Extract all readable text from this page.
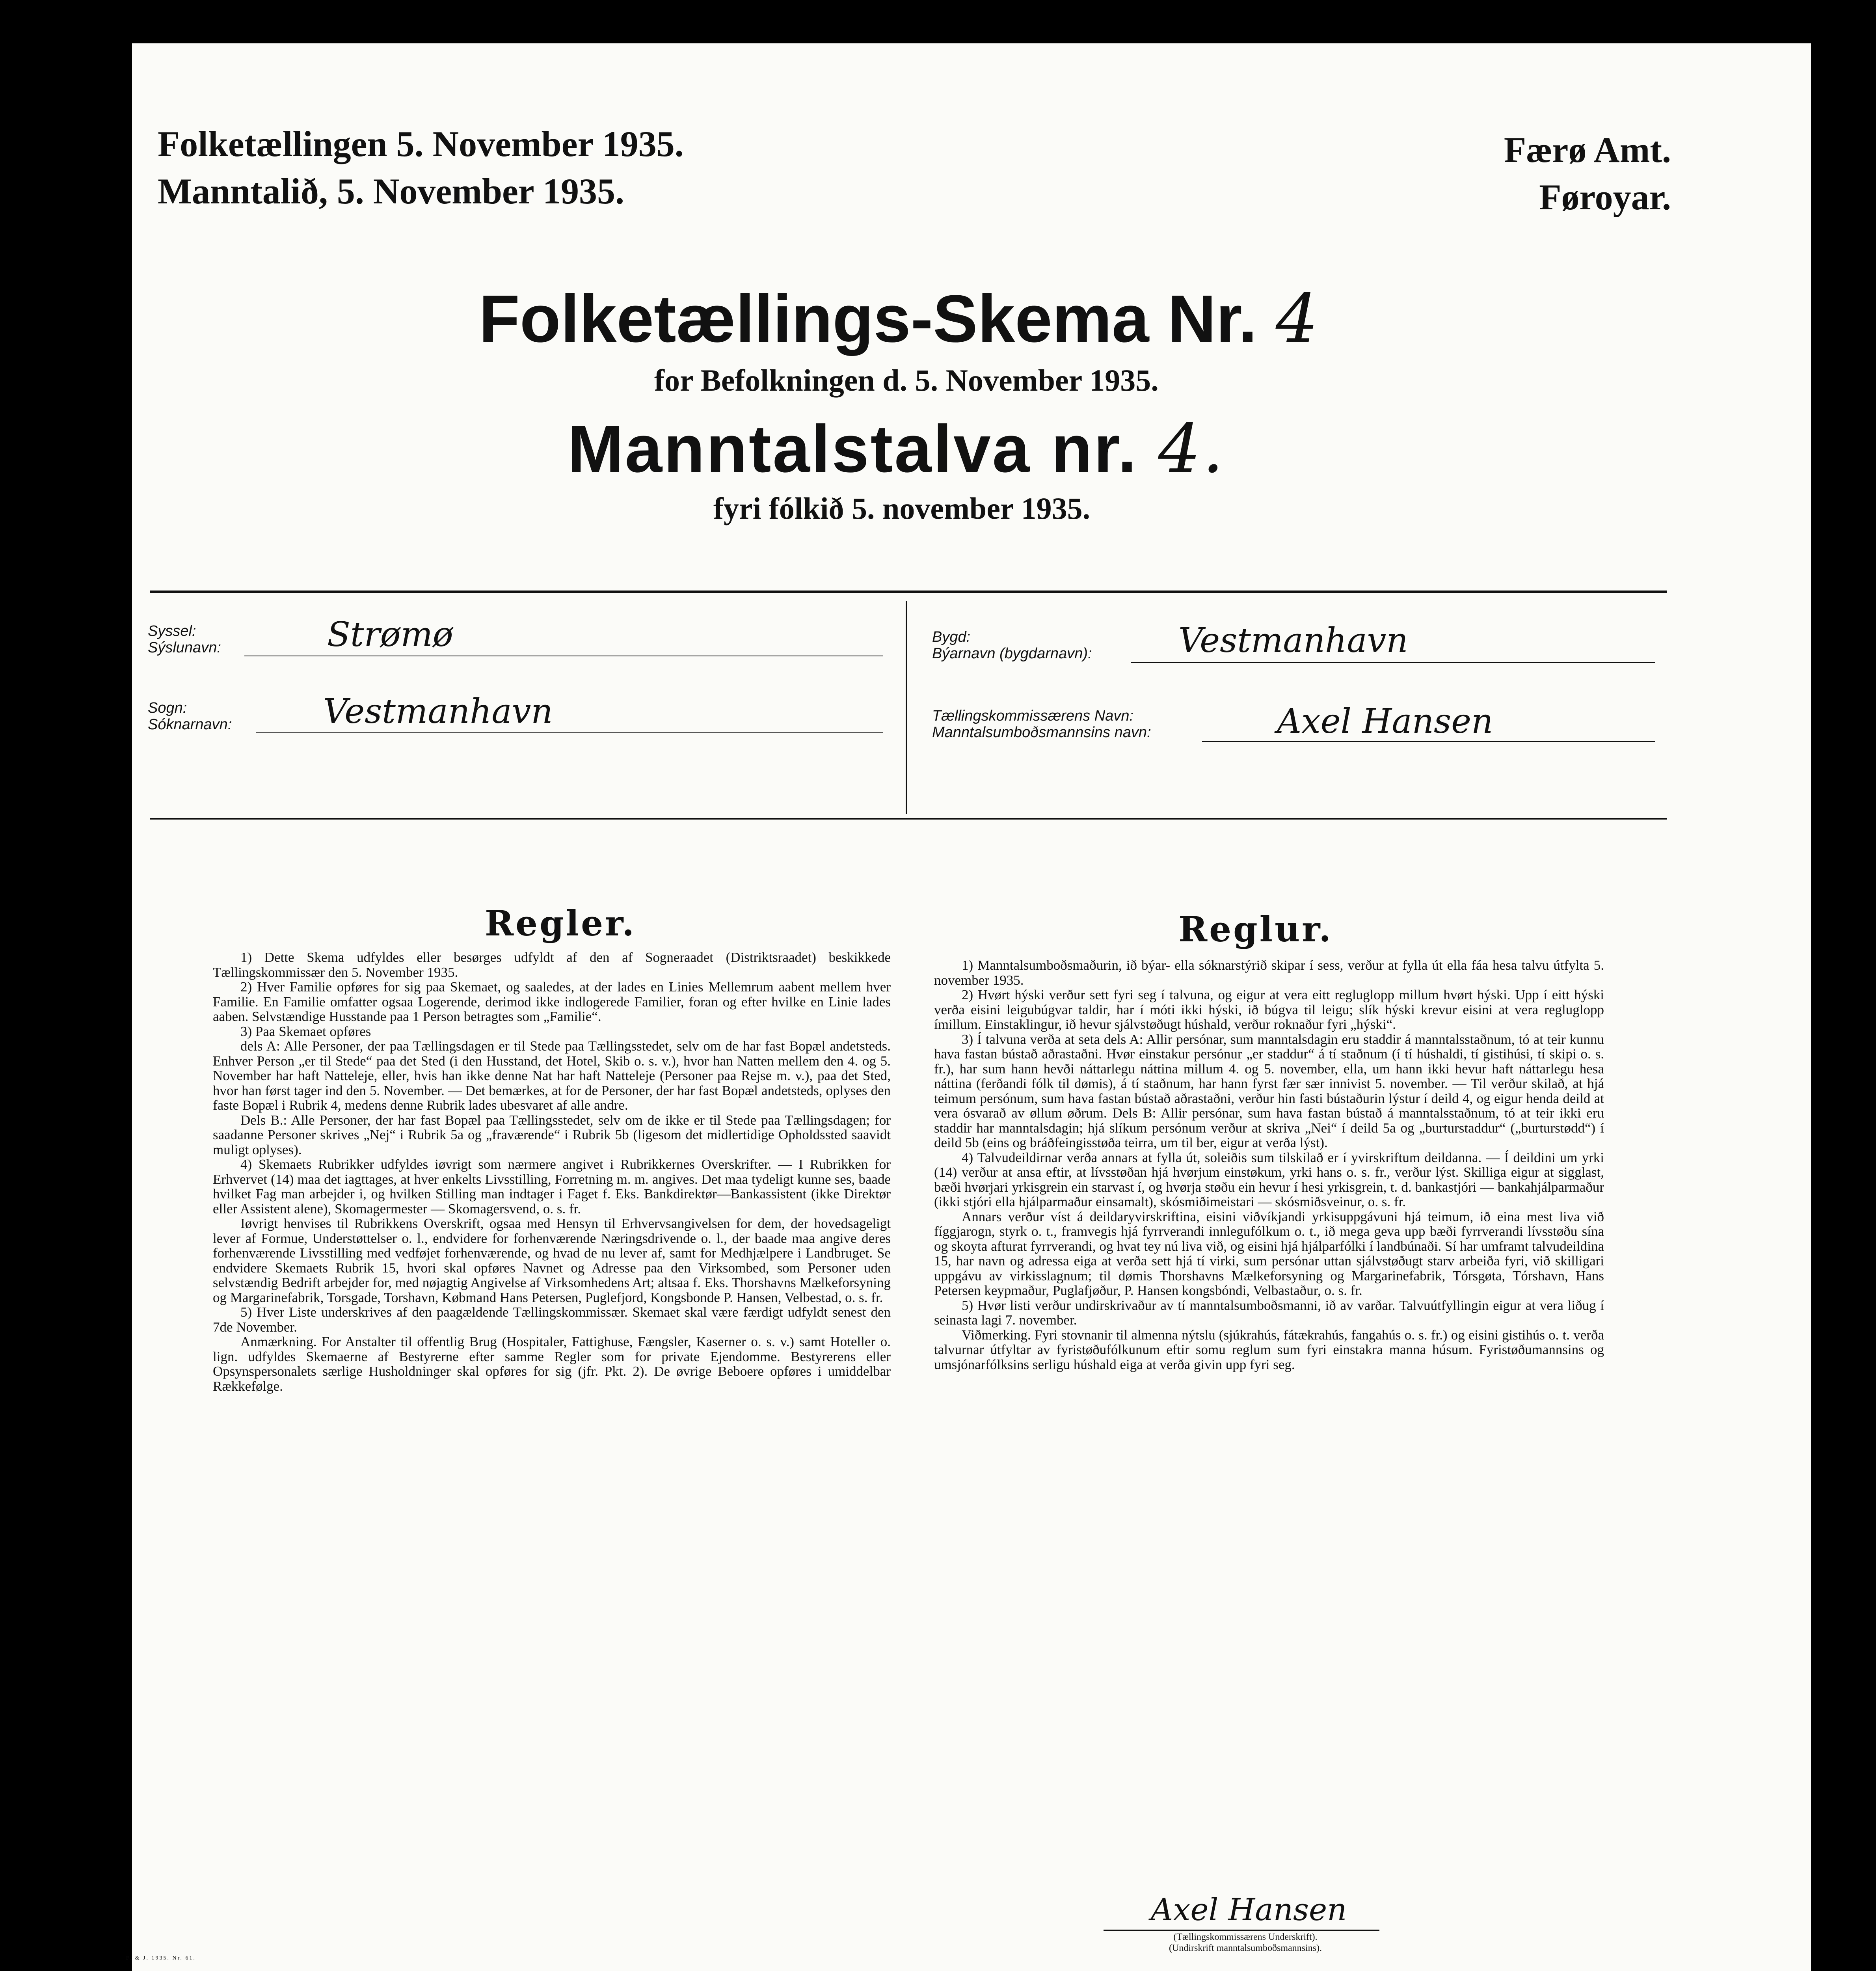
Folketællingen 5. November 1935.
Manntalið, 5. November 1935.
Færø Amt.
Føroyar.
Folketællings-Skema Nr. 4
for Befolkningen d. 5. November 1935.
Manntalstalva nr. 4.
fyri fólkið 5. november 1935.
Syssel:
Sýslunavn:	Strømø
Sogn:
Sóknarnavn:	Vestmanhavn
Bygd:
Býarnavn (bygdarnavn):	Vestmanhavn
Tællingskommissærens Navn:
Manntalsumboðsmannsins navn:	Axel Hansen
Regler.	Reglur.

1) Dette Skema udfyldes eller besørges udfyldt af den af Sogneraadet (Distriktsraadet) beskikkede Tællingskommissær den 5. November 1935.

2) Hver Familie opføres for sig paa Skemaet, og saaledes, at der lades en Linies Mellemrum aabent mellem hver Familie. En Familie omfatter ogsaa Logerende, derimod ikke indlogerede Familier, foran og efter hvilke en Linie lades aaben. Selvstændige Husstande paa 1 Person betragtes som „Familie“.

3) Paa Skemaet opføres

dels A: Alle Personer, der paa Tællingsdagen er til Stede paa Tællingsstedet, selv om de har fast Bopæl andetsteds. Enhver Person „er til Stede“ paa det Sted (i den Husstand, det Hotel, Skib o. s. v.), hvor han Natten mellem den 4. og 5. November har haft Natteleje, eller, hvis han ikke denne Nat har haft Natteleje (Personer paa Rejse m. v.), paa det Sted, hvor han først tager ind den 5. November. — Det bemærkes, at for de Personer, der har fast Bopæl andetsteds, oplyses den faste Bopæl i Rubrik 4, medens denne Rubrik lades ubesvaret af alle andre.

Dels B.: Alle Personer, der har fast Bopæl paa Tællingsstedet, selv om de ikke er til Stede paa Tællingsdagen; for saadanne Personer skrives „Nej“ i Rubrik 5a og „fraværende“ i Rubrik 5b (ligesom det midlertidige Opholdssted saavidt muligt oplyses).

4) Skemaets Rubrikker udfyldes iøvrigt som nærmere angivet i Rubrikkernes Overskrifter. — I Rubrikken for Erhvervet (14) maa det iagttages, at hver enkelts Livsstilling, Forretning m. m. angives. Det maa tydeligt kunne ses, baade hvilket Fag man arbejder i, og hvilken Stilling man indtager i Faget f. Eks. Bankdirektør—Bankassistent (ikke Direktør eller Assistent alene), Skomagermester — Skomagersvend, o. s. fr.

Iøvrigt henvises til Rubrikkens Overskrift, ogsaa med Hensyn til Erhvervsangivelsen for dem, der hovedsageligt lever af Formue, Understøttelser o. l., endvidere for forhenværende Næringsdrivende o. l., der baade maa angive deres forhenværende Livsstilling med vedføjet forhenværende, og hvad de nu lever af, samt for Medhjælpere i Landbruget. Se endvidere Skemaets Rubrik 15, hvori skal opføres Navnet og Adresse paa den Virksombed, som Personer uden selvstændig Bedrift arbejder for, med nøjagtig Angivelse af Virksomhedens Art; altsaa f. Eks. Thorshavns Mælkeforsyning og Margarinefabrik, Torsgade, Torshavn, Købmand Hans Petersen, Puglefjord, Kongsbonde P. Hansen, Velbestad, o. s. fr.

5) Hver Liste underskrives af den paagældende Tællingskommissær. Skemaet skal være færdigt udfyldt senest den 7de November.

Anmærkning. For Anstalter til offentlig Brug (Hospitaler, Fattighuse, Fængsler, Kaserner o. s. v.) samt Hoteller o. lign. udfyldes Skemaerne af Bestyrerne efter samme Regler som for private Ejendomme. Bestyrerens eller Opsynspersonalets særlige Husholdninger skal opføres for sig (jfr. Pkt. 2). De øvrige Beboere opføres i umiddelbar Rækkefølge.

1) Manntalsumboðsmaðurin, ið býar- ella sóknarstýrið skipar í sess, verður at fylla út ella fáa hesa talvu útfylta 5. november 1935.

2) Hvørt hýski verður sett fyri seg í talvuna, og eigur at vera eitt regluglopp millum hvørt hýski. Upp í eitt hýski verða eisini leigubúgvar taldir, har í móti ikki hýski, ið búgva til leigu; slík hýski krevur eisini at vera regluglopp ímillum. Einstaklingur, ið hevur sjálvstøðugt húshald, verður roknaður fyri „hýski“.

3) Í talvuna verða at seta dels A: Allir persónar, sum manntalsdagin eru staddir á manntalsstaðnum, tó at teir kunnu hava fastan bústað aðrastaðni. Hvør einstakur persónur „er staddur“ á tí staðnum (í tí húshaldi, tí gistihúsi, tí skipi o. s. fr.), har sum hann hevði náttarlegu náttina millum 4. og 5. november, ella, um hann ikki hevur haft náttarlegu hesa náttina (ferðandi fólk til dømis), á tí staðnum, har hann fyrst fær sær innivist 5. november. — Til verður skilað, at hjá teimum persónum, sum hava fastan bústað aðrastaðni, verður hin fasti bústaðurin lýstur í deild 4, og eigur henda deild at vera ósvarað av øllum øðrum. Dels B: Allir persónar, sum hava fastan bústað á manntalsstaðnum, tó at teir ikki eru staddir har manntalsdagin; hjá slíkum persónum verður at skriva „Nei“ í deild 5a og „burturstaddur“ („burturstødd“) í deild 5b (eins og bráðfeingisstøða teirra, um til ber, eigur at verða lýst).

4) Talvudeildirnar verða annars at fylla út, soleiðis sum tilskilað er í yvirskriftum deildanna. — Í deildini um yrki (14) verður at ansa eftir, at lívsstøðan hjá hvørjum einstøkum, yrki hans o. s. fr., verður lýst. Skilliga eigur at sigglast, bæði hvørjari yrkisgrein ein starvast í, og hvørja støðu ein hevur í hesi yrkisgrein, t. d. bankastjóri — bankahjálparmaður (ikki stjóri ella hjálparmaður einsamalt), skósmiðimeistari — skósmiðsveinur, o. s. fr.

Annars verður víst á deildaryvirskriftina, eisini viðvíkjandi yrkisuppgávuni hjá teimum, ið eina mest liva við fíggjarogn, styrk o. t., framvegis hjá fyrrverandi innlegufólkum o. t., ið mega geva upp bæði fyrrverandi lívsstøðu sína og skoyta afturat fyrrverandi, og hvat tey nú liva við, og eisini hjá hjálparfólki í landbúnaði. Sí har umframt talvudeildina 15, har navn og adressa eiga at verða sett hjá tí virki, sum persónar uttan sjálvstøðugt starv arbeiða fyri, við skilligari uppgávu av virkisslagnum; til dømis Thorshavns Mælkeforsyning og Margarinefabrik, Tórsgøta, Tórshavn, Hans Petersen keypmaður, Puglafjøður, P. Hansen kongsbóndi, Velbastaður, o. s. fr.

5) Hvør listi verður undirskrivaður av tí manntalsumboðsmanni, ið av varðar. Talvuútfyllingin eigur at vera liðug í seinasta lagi 7. november.

Viðmerking. Fyri stovnanir til almenna nýtslu (sjúkrahús, fátækrahús, fangahús o. s. fr.) og eisini gistihús o. t. verða talvurnar útfyltar av fyristøðufólkunum eftir somu reglum sum fyri einstakra manna húsum. Fyristøðumannsins og umsjónarfólksins serligu húshald eiga at verða givin upp fyri seg.

Axel Hansen
(Tællingskommissærens Underskrift).
(Undirskrift manntalsumboðsmannsins).
F. & J. 1935. Nr. 61.
